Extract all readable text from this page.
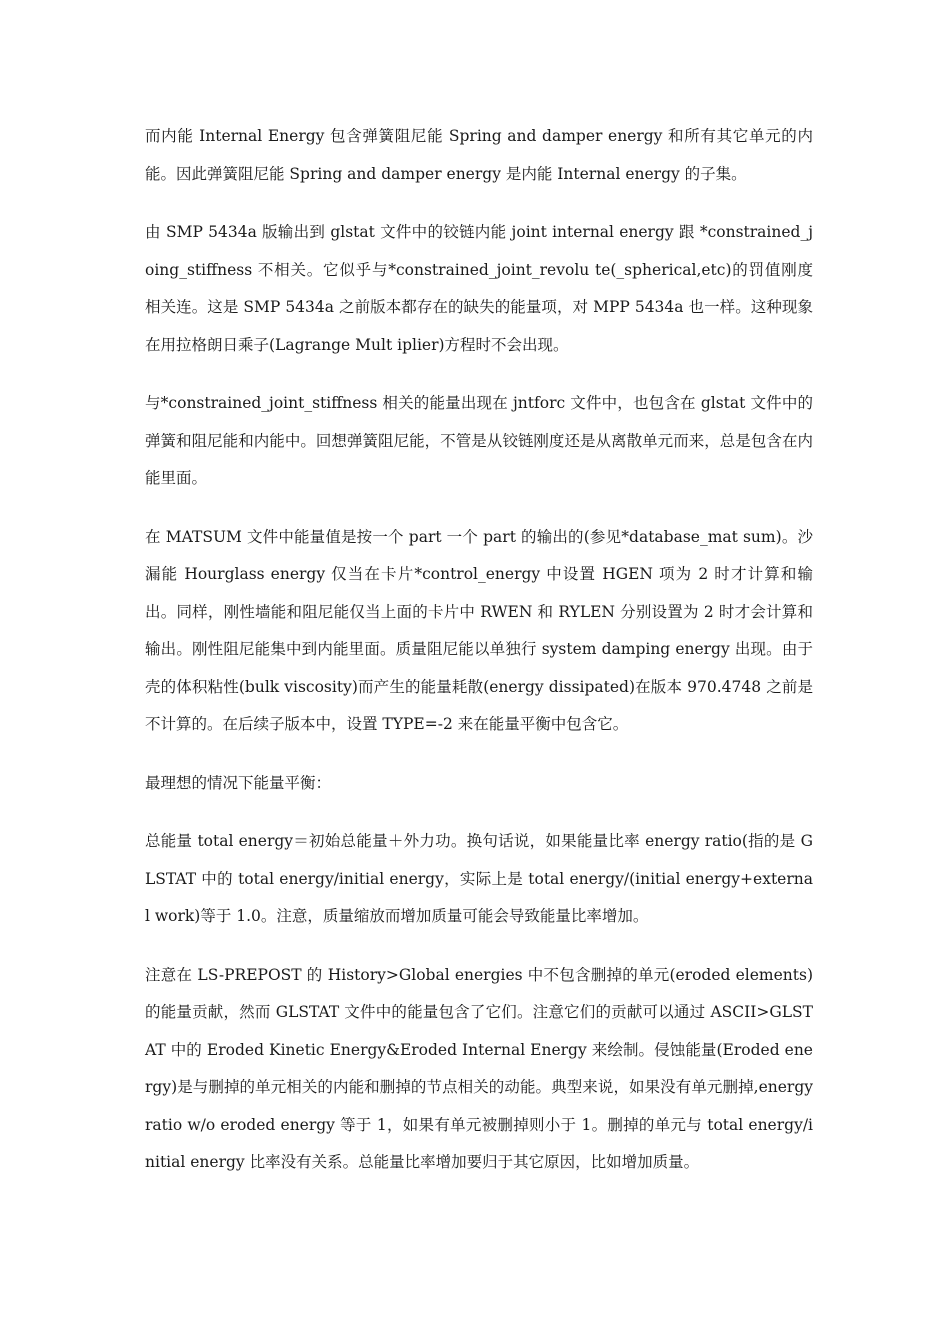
而内能 Internal Energy 包含弹簧阻尼能 Spring and damper energy 和所有其它单元的内能。因此弹簧阻尼能 Spring and damper energy 是内能 Internal energy 的子集。

由 SMP 5434a 版输出到 glstat 文件中的铰链内能 joint internal energy 跟 *constrained_joing_stiffness 不相关。它似乎与*constrained_joint_revolu te(_spherical,etc)的罚值刚度相关连。这是 SMP 5434a 之前版本都存在的缺失的能量项，对 MPP 5434a 也一样。这种现象在用拉格朗日乘子(Lagrange Mult iplier)方程时不会出现。

与*constrained_joint_stiffness 相关的能量出现在 jntforc 文件中，也包含在 glstat 文件中的弹簧和阻尼能和内能中。回想弹簧阻尼能，不管是从铰链刚度还是从离散单元而来，总是包含在内能里面。

在 MATSUM 文件中能量值是按一个 part 一个 part 的输出的(参见*database_mat sum)。沙漏能 Hourglass energy 仅当在卡片*control_energy 中设置 HGEN 项为 2 时才计算和输出。同样，刚性墙能和阻尼能仅当上面的卡片中 RWEN 和 RYLEN 分别设置为 2 时才会计算和输出。刚性阻尼能集中到内能里面。质量阻尼能以单独行 system damping energy 出现。由于壳的体积粘性(bulk viscosity)而产生的能量耗散(energy dissipated)在版本 970.4748 之前是不计算的。在后续子版本中，设置 TYPE=-2 来在能量平衡中包含它。

最理想的情况下能量平衡：

总能量 total energy＝初始总能量＋外力功。换句话说，如果能量比率 energy ratio(指的是 GLSTAT 中的 total energy/initial energy，实际上是 total energy/(initial energy+external work)等于 1.0。注意，质量缩放而增加质量可能会导致能量比率增加。

注意在 LS-PREPOST 的 History>Global energies 中不包含删掉的单元(eroded elements)的能量贡献，然而 GLSTAT 文件中的能量包含了它们。注意它们的贡献可以通过 ASCII>GLSTAT 中的 Eroded Kinetic Energy&Eroded Internal Energy 来绘制。侵蚀能量(Eroded energy)是与删掉的单元相关的内能和删掉的节点相关的动能。典型来说，如果没有单元删掉,energy ratio w/o eroded energy 等于 1，如果有单元被删掉则小于 1。删掉的单元与 total energy/initial energy 比率没有关系。总能量比率增加要归于其它原因，比如增加质量。
